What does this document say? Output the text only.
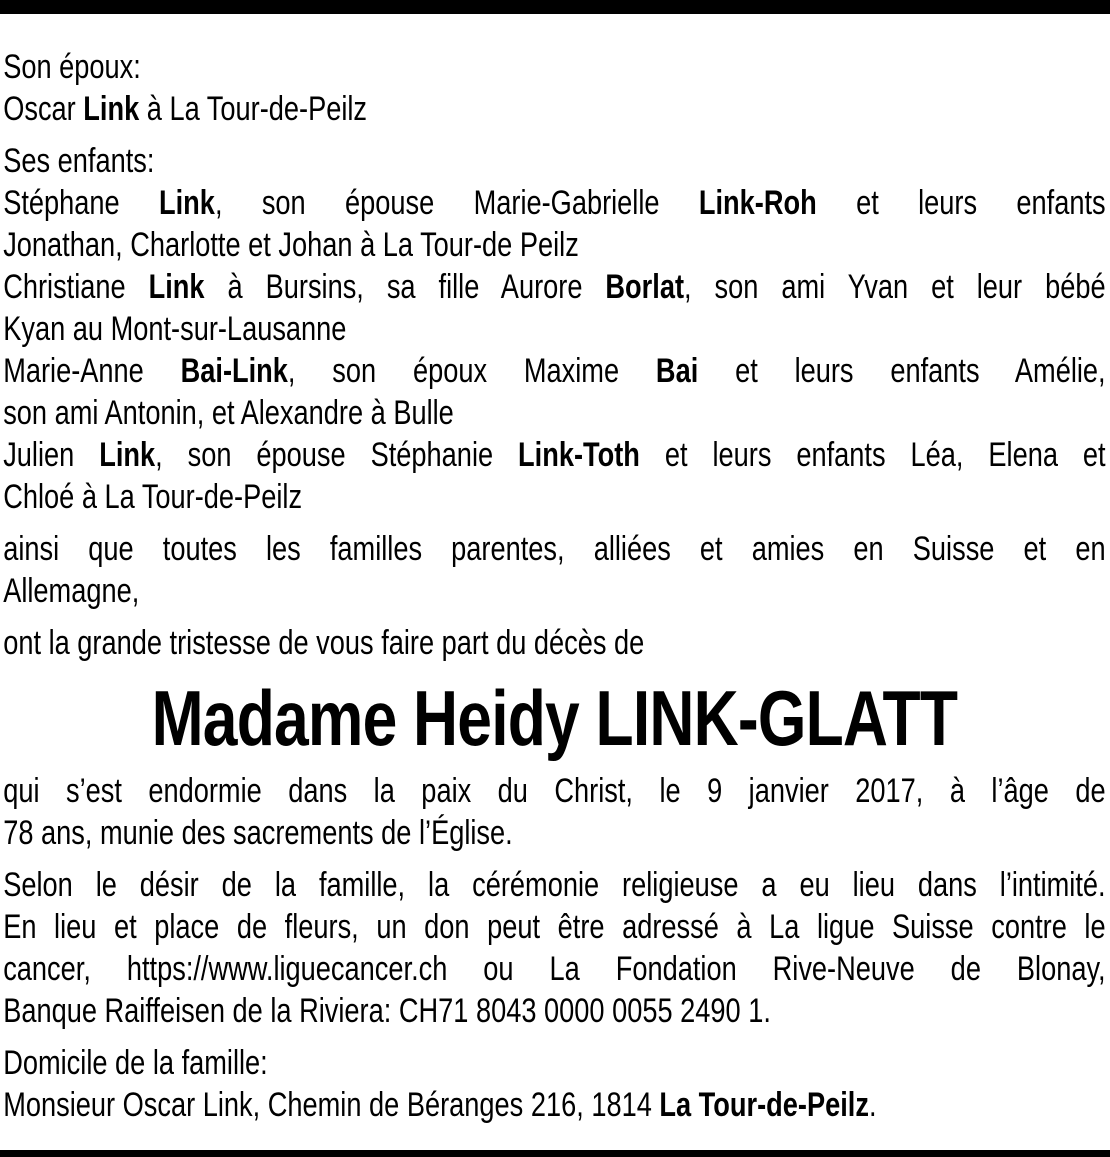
Son époux:
Oscar Link à La Tour-de-Peilz
Ses enfants:
Stéphane Link, son épouse Marie-Gabrielle Link-Roh et leurs enfants
Jonathan, Charlotte et Johan à La Tour-de Peilz
Christiane Link à Bursins, sa fille Aurore Borlat, son ami Yvan et leur bébé
Kyan au Mont-sur-Lausanne
Marie-Anne Bai-Link, son époux Maxime Bai et leurs enfants Amélie,
son ami Antonin, et Alexandre à Bulle
Julien Link, son épouse Stéphanie Link-Toth et leurs enfants Léa, Elena et
Chloé à La Tour-de-Peilz
ainsi que toutes les familles parentes, alliées et amies en Suisse et en
Allemagne,
ont la grande tristesse de vous faire part du décès de
Madame Heidy LINK-GLATT
qui s’est endormie dans la paix du Christ, le 9 janvier 2017, à l’âge de
78 ans, munie des sacrements de l’Église.
Selon le désir de la famille, la cérémonie religieuse a eu lieu dans l’intimité.
En lieu et place de fleurs, un don peut être adressé à La ligue Suisse contre le
cancer, https://www.liguecancer.ch ou La Fondation Rive-Neuve de Blonay,
Banque Raiffeisen de la Riviera: CH71 8043 0000 0055 2490 1.
Domicile de la famille:
Monsieur Oscar Link, Chemin de Béranges 216, 1814 La Tour-de-Peilz.
